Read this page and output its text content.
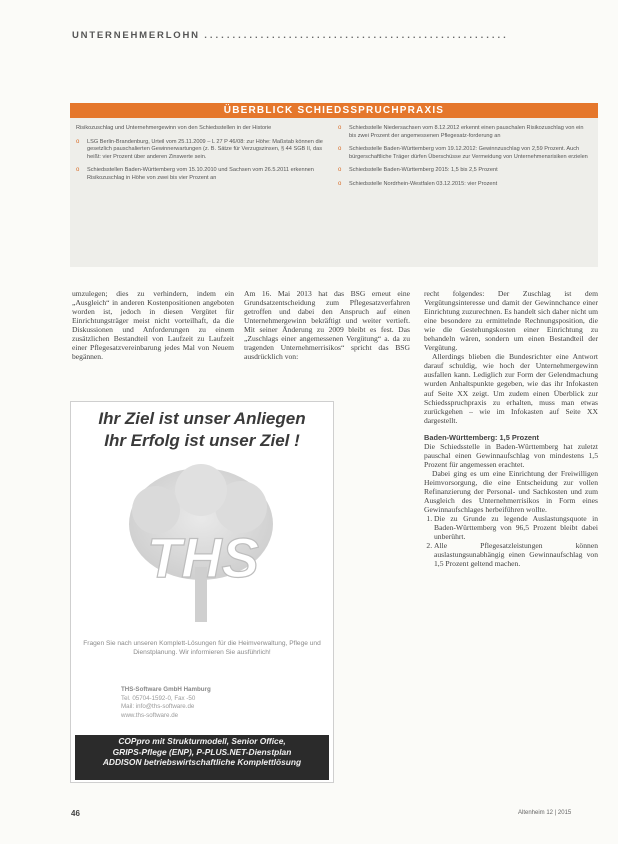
UNTERNEHMERLOHN ......................................................
ÜBERBLICK SCHIEDSSPRUCHPRAXIS

Risikozuschlag und Unternehmergewinn von den Schiedsstellen in der Historie

o LSG Berlin-Brandenburg, Urteil vom 25.11.2009 – L 27 P 46/08: zur Höhe: Maßstab können die gesetzlich pauschalierten Gewinnerwartungen (z. B. Sätze für Verzugszinsen, § 44 SGB II, das heißt: vier Prozent über anderen Zinswerte sein.
o Schiedsstellen Baden-Württemberg vom 15.10.2010 und Sachsen vom 26.5.2011 erkennen Risikozuschlag in Höhe von zwei bis vier Prozent an
o Schiedsstelle Niedersachsen vom 8.12.2012 erkennt einen pauschalen Risikozuschlag von ein bis zwei Prozent der angemessenen Pflegesatz-forderung an
o Schiedsstelle Baden-Württemberg vom 19.12.2012: Gewinnzuschlag von 2,59 Prozent. Auch bürgerschaftliche Träger dürfen Überschüsse zur Vermeidung von Unternehmensrisiken erzielen
o Schiedsstelle Baden-Württemberg 2015: 1,5 bis 2,5 Prozent
o Schiedsstelle Nordrhein-Westfalen 03.12.2015: vier Prozent

umzulegen; dies zu verhindern, indem ein „Ausgleich“ in anderen Kostenpositionen angeboten worden ist, jedoch in diesen Vergütet für Einrichtungsträger meist nicht vorteilhaft, da die Diskussionen und Anforderungen zu einem zusätzlichen Bestandteil von Laufzeit zu Laufzeit einer Pflegesatzvereinbarung jedes Mal von Neuem begännen.

Am 16. Mai 2013 hat das BSG erneut eine Grundsatzentscheidung zum Pflegesatzverfahren getroffen und dabei den Anspruch auf einen Unternehmergewinn bekräftigt und weiter vertieft. Mit seiner Änderung zu 2009 bleibt es fest. Das „Zuschlags einer angemessenen Vergütung“ a. da zu tragenden Unternehmerrisikos“ spricht das BSG ausdrücklich von:

recht folgendes: Der Zuschlag ist dem Vergütungsinteresse und damit der Gewinnchance einer Einrichtung zuzurechnen. Es handelt sich daher nicht um eine besondere zu ermittelnde Rechnungsposition, die wie die Gestehungskosten einer Einrichtung zu behandeln wären, sondern um einen Bestandteil der Vergütung.

Allerdings blieben die Bundesrichter eine Antwort darauf schuldig, wie hoch der Unternehmergewinn ausfallen kann. Lediglich zur Form der Gelendmachung wurden Anhaltspunkte gegeben, wie das ihr Infokasten auf Seite XX zeigt. Um zudem einen Überblick zur Schiedsspruchpraxis zu erhalten, muss man etwas zurückgehen – wie im Infokasten auf Seite XX dargestellt.

Baden-Württemberg: 1,5 Prozent

Die Schiedsstelle in Baden-Württemberg hat zuletzt pauschal einen Gewinnaufschlag von mindestens 1,5 Prozent für angemessen erachtet.

Dabei ging es um eine Einrichtung der Freiwilligen Heimvorsorgung, die eine Entscheidung zur vollen Refinanzierung der Personal- und Sachkosten und zum Ausgleich des Unternehmerrisikos in Form eines Gewinnaufschlages herbeiführen wollte.

1. Die zu Grunde zu legende Auslastungsquote in Baden-Württemberg von 96,5 Prozent bleibt dabei unberührt.
2. Alle Pflegesatzleistungen können auslastungsunabhängig einen Gewinnaufschlag von 1,5 Prozent geltend machen.
Ihr Ziel ist unser Anliegen
Ihr Erfolg ist unser Ziel !
THS
Fragen Sie nach unseren Komplett-Lösungen für die Heimverwaltung, Pflege und Dienstplanung. Wir informieren Sie ausführlich!
THS-Software GmbH Hamburg
Tel. 05704-1592-0, Fax -50
Mail: info@ths-software.de
www.ths-software.de
COPpro mit Strukturmodell, Senior Office,
GRIPS-Pflege (ENP), P-PLUS.NET-Dienstplan
ADDISON betriebswirtschaftliche Komplettlösung
46	Altenheim 12 | 2015
